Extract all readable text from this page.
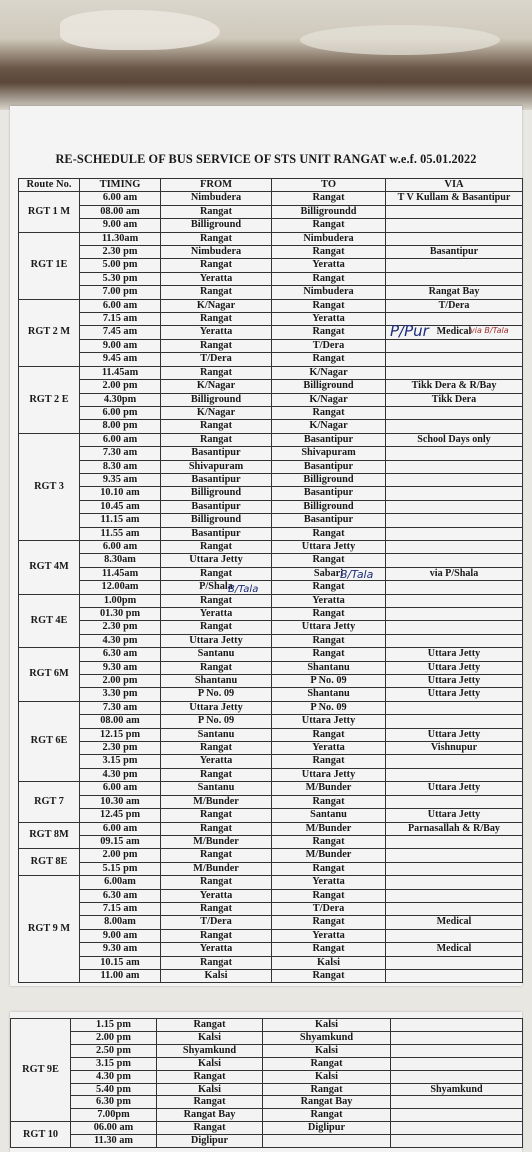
RE-SCHEDULE OF BUS SERVICE OF STS UNIT RANGAT w.e.f. 05.01.2022
Route No.	TIMING	FROM	TO	VIA
RGT 1 M	6.00 am	Nimbudera	Rangat	T V Kullam & Basantipur
	08.00 am	Rangat	Billigroundd	
	9.00 am	Billiground	Rangat	
RGT 1E	11.30am	Rangat	Nimbudera	
	2.30 pm	Nimbudera	Rangat	Basantipur
	5.00 pm	Rangat	Yeratta	
	5.30 pm	Yeratta	Rangat	
	7.00 pm	Rangat	Nimbudera	Rangat Bay
RGT 2 M	6.00 am	K/Nagar	Rangat	T/Dera
	7.15 am	Rangat	Yeratta	
	7.45 am	Yeratta	Rangat	Medical
	9.00 am	Rangat	T/Dera	
	9.45 am	T/Dera	Rangat	
RGT 2 E	11.45am	Rangat	K/Nagar	
	2.00 pm	K/Nagar	Billiground	Tikk Dera & R/Bay
	4.30pm	Billiground	K/Nagar	Tikk Dera
	6.00 pm	K/Nagar	Rangat	
	8.00 pm	Rangat	K/Nagar	
RGT 3	6.00 am	Rangat	Basantipur	School Days only
	7.30 am	Basantipur	Shivapuram	
	8.30 am	Shivapuram	Basantipur	
	9.35 am	Basantipur	Billiground	
	10.10 am	Billiground	Basantipur	
	10.45 am	Basantipur	Billiground	
	11.15 am	Billiground	Basantipur	
	11.55 am	Basantipur	Rangat	
RGT 4M	6.00 am	Rangat	Uttara Jetty	
	8.30am	Uttara Jetty	Rangat	
	11.45am	Rangat	Sabari	via P/Shala
	12.00am	P/Shala	Rangat	
RGT 4E	1.00pm	Rangat	Yeratta	
	01.30 pm	Yeratta	Rangat	
	2.30 pm	Rangat	Uttara Jetty	
	4.30 pm	Uttara Jetty	Rangat	
RGT 6M	6.30 am	Santanu	Rangat	Uttara Jetty
	9.30 am	Rangat	Shantanu	Uttara Jetty
	2.00 pm	Shantanu	P No. 09	Uttara Jetty
	3.30 pm	P No. 09	Shantanu	Uttara Jetty
RGT 6E	7.30 am	Uttara Jetty	P No. 09	
	08.00 am	P No. 09	Uttara Jetty	
	12.15 pm	Santanu	Rangat	Uttara Jetty
	2.30 pm	Rangat	Yeratta	Vishnupur
	3.15 pm	Yeratta	Rangat	
	4.30 pm	Rangat	Uttara Jetty	
RGT 7	6.00 am	Santanu	M/Bunder	Uttara Jetty
	10.30 am	M/Bunder	Rangat	
	12.45 pm	Rangat	Santanu	Uttara Jetty
RGT 8M	6.00 am	Rangat	M/Bunder	Parnasallah & R/Bay
	09.15 am	M/Bunder	Rangat	
RGT 8E	2.00 pm	Rangat	M/Bunder	
	5.15 pm	M/Bunder	Rangat	
RGT 9 M	6.00am	Rangat	Yeratta	
	6.30 am	Yeratta	Rangat	
	7.15 am	Rangat	T/Dera	
	8.00am	T/Dera	Rangat	Medical
	9.00 am	Rangat	Yeratta	
	9.30 am	Yeratta	Rangat	Medical
	10.15 am	Rangat	Kalsi	
	11.00 am	Kalsi	Rangat	
P/Pur	via B/Tala
B/Tala
B/Tala
RGT 9E	1.15 pm	Rangat	Kalsi	
	2.00 pm	Kalsi	Shyamkund	
	2.50 pm	Shyamkund	Kalsi	
	3.15 pm	Kalsi	Rangat	
	4.30 pm	Rangat	Kalsi	
	5.40 pm	Kalsi	Rangat	Shyamkund
	6.30 pm	Rangat	Rangat Bay	
	7.00pm	Rangat Bay	Rangat	
RGT 10	06.00 am	Rangat	Diglipur	
	11.30 am	Diglipur		
